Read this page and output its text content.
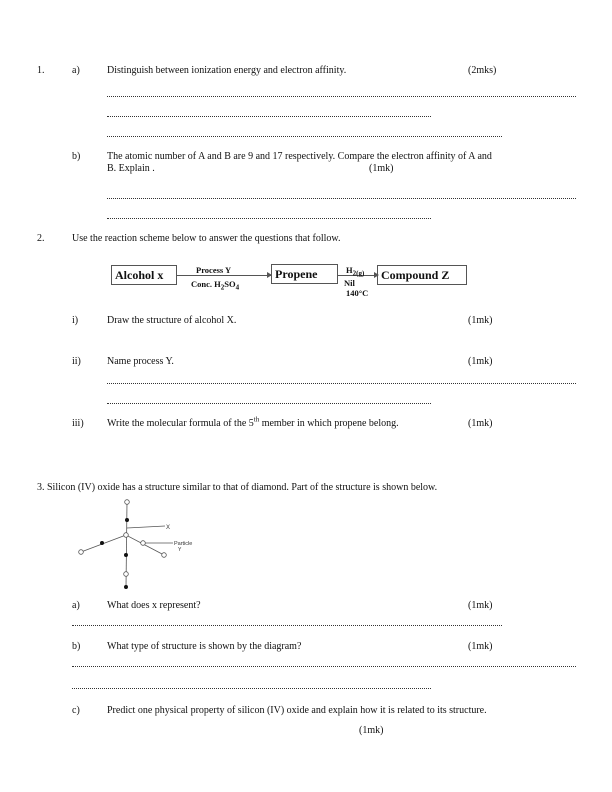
1.	a)	Distinguish between ionization energy and electron affinity.	(2mks)
b)	The atomic number of A and B are 9 and 17 respectively. Compare the electron affinity of A and
B. Explain .	(1mk)
2.	Use the reaction scheme below to answer the questions that follow.
Alcohol x	Process Y
Conc. $H_2SO_4$
Propene	$H_{2(g)}$
Nil
140°C
Compound Z
i)	Draw the structure of alcohol X.	(1mk)
ii)	Name process Y.	(1mk)
iii) Write the molecular formula of the 5th member in which propene belong.	(1mk)
3. Silicon (IV) oxide has a structure similar to that of diamond. Part of the structure is shown below.
X
Particle
Y
a)	What does x represent?	(1mk)
b)	What type of structure is shown by the diagram?	(1mk)
c)	Predict one physical property of silicon (IV) oxide and explain how it is related to its structure.
(1mk)
